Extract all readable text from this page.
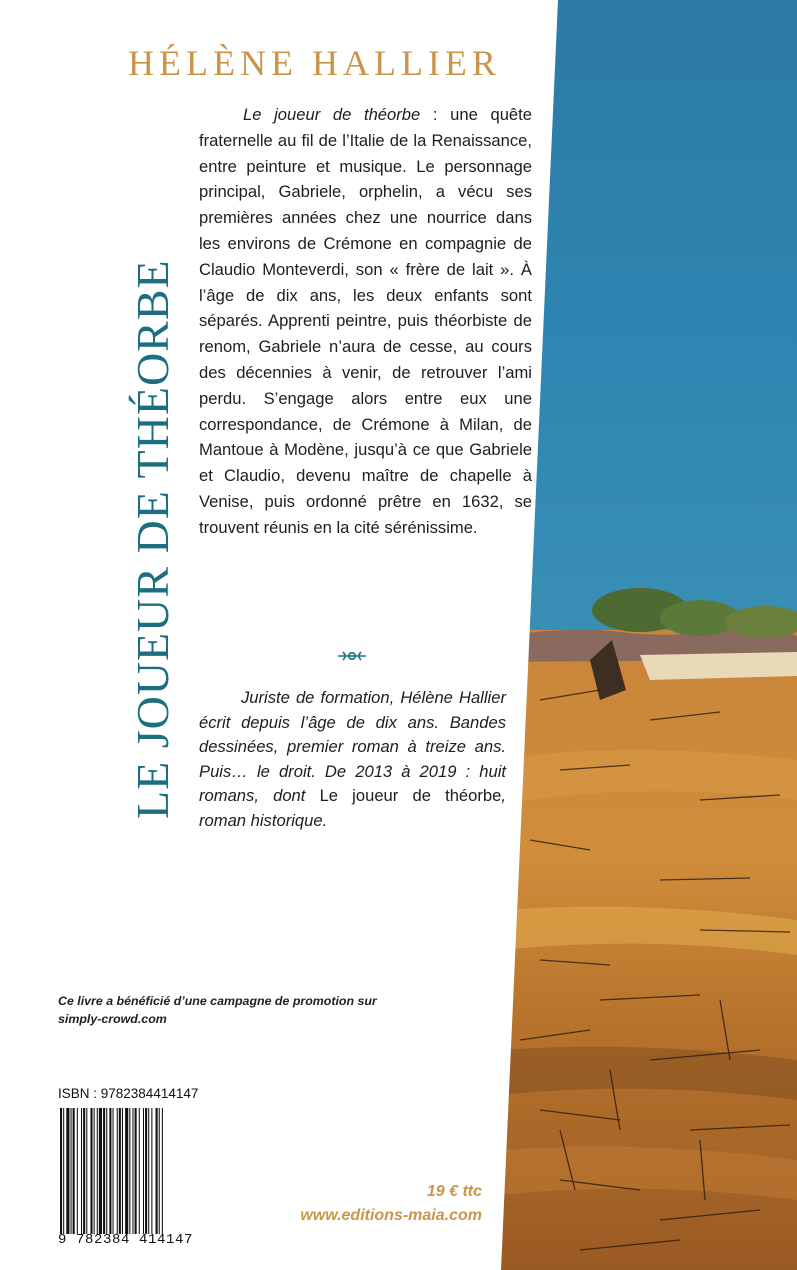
HÉLÈNE HALLIER
LE JOUEUR DE THÉORBE

Le joueur de théorbe : une quête fraternelle au fil de l’Italie de la Renaissance, entre peinture et musique. Le personnage principal, Gabriele, orphelin, a vécu ses premières années chez une nourrice dans les environs de Crémone en compagnie de Claudio Monteverdi, son « frère de lait ». À l’âge de dix ans, les deux enfants sont séparés. Apprenti peintre, puis théorbiste de renom, Gabriele n’aura de cesse, au cours des décennies à venir, de retrouver l’ami perdu. S’engage alors entre eux une correspondance, de Crémone à Milan, de Mantoue à Modène, jusqu’à ce que Gabriele et Claudio, devenu maître de chapelle à Venise, puis ordonné prêtre en 1632, se trouvent réunis en la cité sérénissime.

Juriste de formation, Hélène Hallier écrit depuis l’âge de dix ans. Bandes dessinées, premier roman à treize ans. Puis… le droit. De 2013 à 2019 : huit romans, dont Le joueur de théorbe, roman historique.

Ce livre a bénéficié d’une campagne de promotion sur simply-crowd.com
ISBN : 9782384414147
9 782384 414147
19 € ttc
www.editions-maia.com
